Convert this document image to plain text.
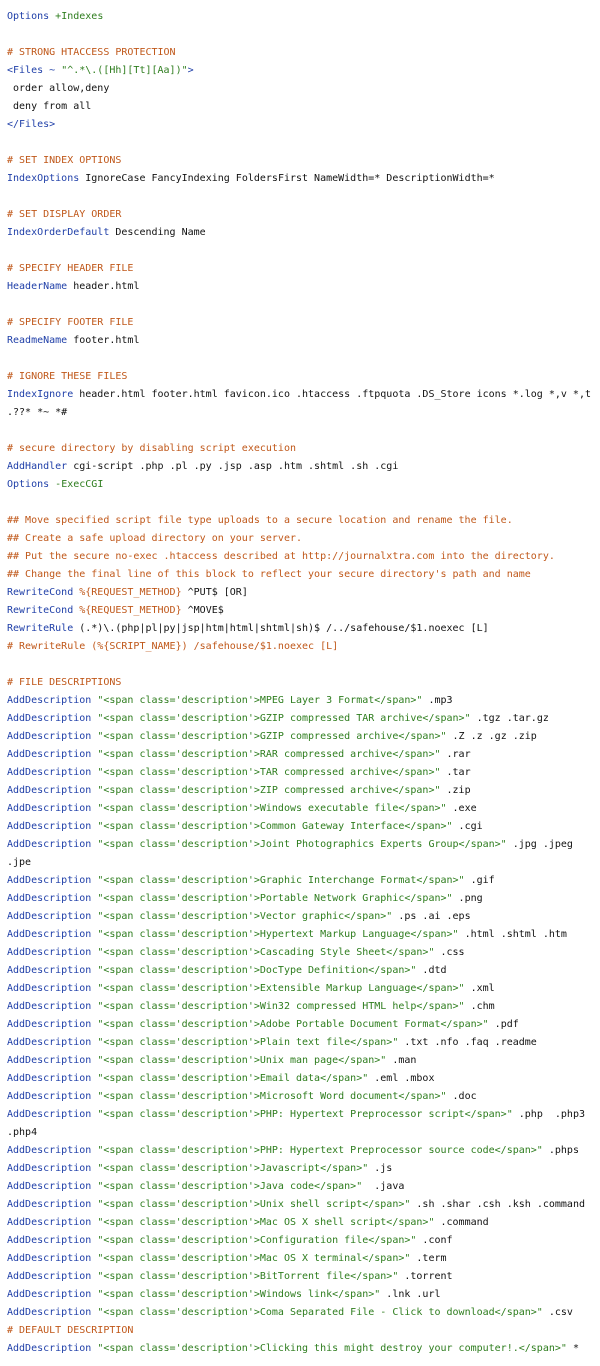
Options +Indexes
# STRONG HTACCESS PROTECTION
<Files ~ "^.*\.([Hh][Tt][Aa])">
order allow,deny
deny from all
</Files>
# SET INDEX OPTIONS
IndexOptions IgnoreCase FancyIndexing FoldersFirst NameWidth=* DescriptionWidth=*
# SET DISPLAY ORDER
IndexOrderDefault Descending Name
# SPECIFY HEADER FILE
HeaderName header.html
# SPECIFY FOOTER FILE
ReadmeName footer.html
# IGNORE THESE FILES
IndexIgnore header.html footer.html favicon.ico .htaccess .ftpquota .DS_Store icons *.log *,v *,t
.??* *~ *#
# secure directory by disabling script execution
AddHandler cgi-script .php .pl .py .jsp .asp .htm .shtml .sh .cgi
Options -ExecCGI
## Move specified script file type uploads to a secure location and rename the file.
## Create a safe upload directory on your server.
## Put the secure no-exec .htaccess described at http://journalxtra.com into the directory.
## Change the final line of this block to reflect your secure directory's path and name
RewriteCond %{REQUEST_METHOD} ^PUT$ [OR]
RewriteCond %{REQUEST_METHOD} ^MOVE$
RewriteRule (.*)\.(php|pl|py|jsp|htm|html|shtml|sh)$ /../safehouse/$1.noexec [L]
# RewriteRule (%{SCRIPT_NAME}) /safehouse/$1.noexec [L]
# FILE DESCRIPTIONS
AddDescription "<span class='description'>MPEG Layer 3 Format</span>" .mp3
AddDescription "<span class='description'>GZIP compressed TAR archive</span>" .tgz .tar.gz
AddDescription "<span class='description'>GZIP compressed archive</span>" .Z .z .gz .zip
AddDescription "<span class='description'>RAR compressed archive</span>" .rar
AddDescription "<span class='description'>TAR compressed archive</span>" .tar
AddDescription "<span class='description'>ZIP compressed archive</span>" .zip
AddDescription "<span class='description'>Windows executable file</span>" .exe
AddDescription "<span class='description'>Common Gateway Interface</span>" .cgi
AddDescription "<span class='description'>Joint Photographics Experts Group</span>" .jpg .jpeg
.jpe
AddDescription "<span class='description'>Graphic Interchange Format</span>" .gif
AddDescription "<span class='description'>Portable Network Graphic</span>" .png
AddDescription "<span class='description'>Vector graphic</span>" .ps .ai .eps
AddDescription "<span class='description'>Hypertext Markup Language</span>" .html .shtml .htm
AddDescription "<span class='description'>Cascading Style Sheet</span>" .css
AddDescription "<span class='description'>DocType Definition</span>" .dtd
AddDescription "<span class='description'>Extensible Markup Language</span>" .xml
AddDescription "<span class='description'>Win32 compressed HTML help</span>" .chm
AddDescription "<span class='description'>Adobe Portable Document Format</span>" .pdf
AddDescription "<span class='description'>Plain text file</span>" .txt .nfo .faq .readme
AddDescription "<span class='description'>Unix man page</span>" .man
AddDescription "<span class='description'>Email data</span>" .eml .mbox
AddDescription "<span class='description'>Microsoft Word document</span>" .doc
AddDescription "<span class='description'>PHP: Hypertext Preprocessor script</span>" .php  .php3
.php4
AddDescription "<span class='description'>PHP: Hypertext Preprocessor source code</span>" .phps
AddDescription "<span class='description'>Javascript</span>" .js
AddDescription "<span class='description'>Java code</span>"  .java
AddDescription "<span class='description'>Unix shell script</span>" .sh .shar .csh .ksh .command
AddDescription "<span class='description'>Mac OS X shell script</span>" .command
AddDescription "<span class='description'>Configuration file</span>" .conf
AddDescription "<span class='description'>Mac OS X terminal</span>" .term
AddDescription "<span class='description'>BitTorrent file</span>" .torrent
AddDescription "<span class='description'>Windows link</span>" .lnk .url
AddDescription "<span class='description'>Coma Separated File - Click to download</span>" .csv
# DEFAULT DESCRIPTION
AddDescription "<span class='description'>Clicking this might destroy your computer!.</span>" *
